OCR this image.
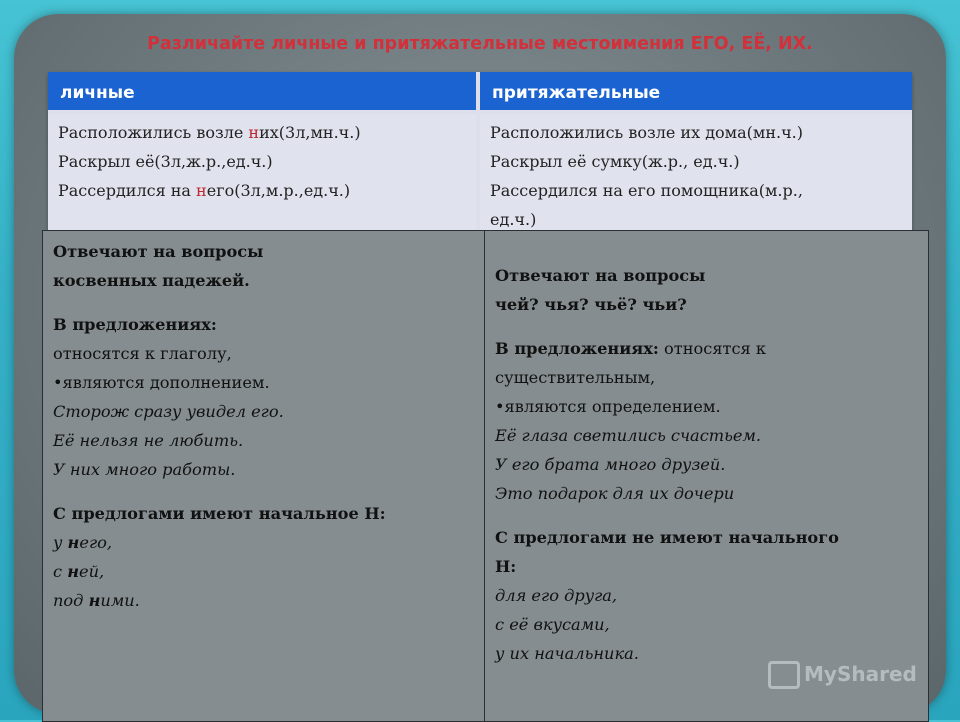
Различайте личные и притяжательные местоимения ЕГО, ЕЁ, ИХ.
личные	притяжательные
Расположились возле них(3л,мн.ч.)
Раскрыл её(3л,ж.р.,ед.ч.)
Рассердился на него(3л,м.р.,ед.ч.)
Расположились возле их дома(мн.ч.)
Раскрыл её сумку(ж.р., ед.ч.)
Рассердился на его помощника(м.р.,
ед.ч.)
Отвечают на вопросы
косвенных падежей.
В предложениях:
относятся к глаголу,
•являются дополнением.
Сторож сразу увидел его.
Её нельзя не любить.
У них много работы.
С предлогами имеют начальное Н:
у него,
с ней,
под ними.
Отвечают на вопросы
чей? чья? чьё? чьи?
В предложениях: относятся к
существительным,
•являются определением.
Её глаза светились счастьем.
У его брата много друзей.
Это подарок для их дочери
С предлогами не имеют начального
Н:
для его друга,
с её вкусами,
у их начальника.
MyShared
